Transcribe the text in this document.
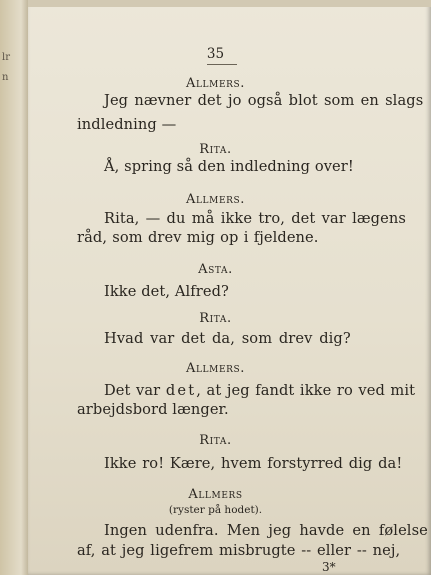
lr
n
35
Allmers.
Jeg nævner det jo også blot som en slags
indledning —
Rita.
Å, spring så den indledning over!
Allmers.
Rita, — du må ikke tro, det var lægens
råd, som drev mig op i fjeldene.
Asta.
Ikke det, Alfred?
Rita.
Hvad var det da, som drev dig?
Allmers.
Det var det, at jeg fandt ikke ro ved mit
arbejdsbord længer.
Rita.
Ikke ro! Kære, hvem forstyrred dig da!
Allmers
(ryster på hodet).
Ingen udenfra. Men jeg havde en følelse
af, at jeg ligefrem misbrugte -- eller -- nej,
3*
